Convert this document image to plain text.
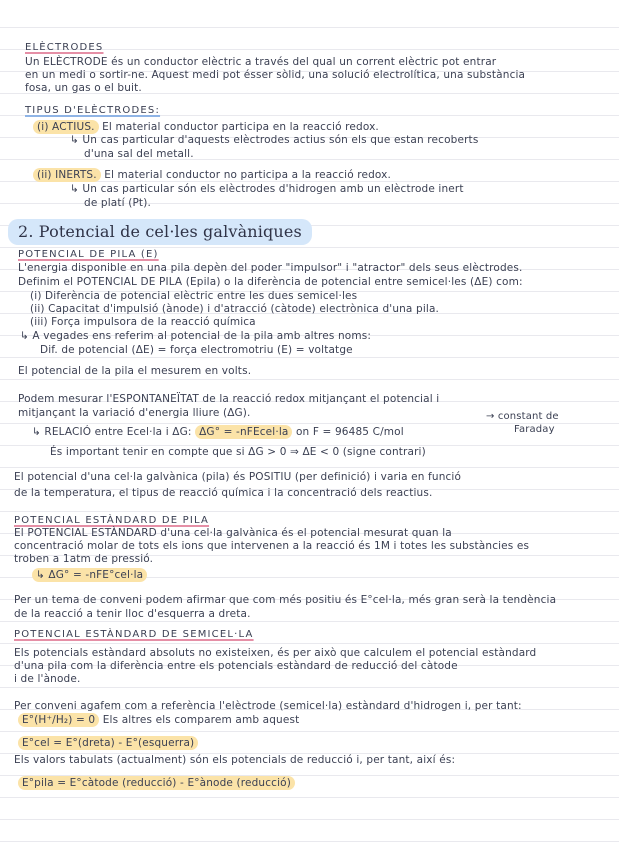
ELÈCTRODES
Un ELÈCTRODE és un conductor elèctric a través del qual un corrent elèctric pot entrar
en un medi o sortir-ne. Aquest medi pot ésser sòlid, una solució electrolítica, una substància
fosa, un gas o el buit.
TIPUS D'ELÈCTRODES:
(i) ACTIUS. El material conductor participa en la reacció redox.
↳ Un cas particular d'aquests elèctrodes actius són els que estan recoberts
d'una sal del metall.
(ii) INERTS. El material conductor no participa a la reacció redox.
↳ Un cas particular són els elèctrodes d'hidrogen amb un elèctrode inert
de platí (Pt).
2. Potencial de cel·les galvàniques
POTENCIAL DE PILA (E)
L'energia disponible en una pila depèn del poder "impulsor" i "atractor" dels seus elèctrodes.
Definim el POTENCIAL DE PILA (Epila) o la diferència de potencial entre semicel·les (ΔE) com:
(i) Diferència de potencial elèctric entre les dues semicel·les
(ii) Capacitat d'impulsió (ànode) i d'atracció (càtode) electrònica d'una pila.
(iii) Força impulsora de la reacció química
↳ A vegades ens referim al potencial de la pila amb altres noms:
Dif. de potencial (ΔE) = força electromotriu (E) = voltatge
El potencial de la pila el mesurem en volts.
Podem mesurar l'ESPONTANEÏTAT de la reacció redox mitjançant el potencial i
mitjançant la variació d'energia lliure (ΔG).	→ constant de
Faraday
↳ RELACIÓ entre Ecel·la i ΔG: ΔG° = -nFEcel·la on F = 96485 C/mol
És important tenir en compte que si ΔG > 0 ⇒ ΔE < 0 (signe contrari)
El potencial d'una cel·la galvànica (pila) és POSITIU (per definició) i varia en funció
de la temperatura, el tipus de reacció química i la concentració dels reactius.
POTENCIAL ESTÀNDARD DE PILA
El POTENCIAL ESTÀNDARD d'una cel·la galvànica és el potencial mesurat quan la
concentració molar de tots els ions que intervenen a la reacció és 1M i totes les substàncies es
troben a 1atm de pressió.
↳ ΔG° = -nFE°cel·la
Per un tema de conveni podem afirmar que com més positiu és E°cel·la, més gran serà la tendència
de la reacció a tenir lloc d'esquerra a dreta.
POTENCIAL ESTÀNDARD DE SEMICEL·LA
Els potencials estàndard absoluts no existeixen, és per això que calculem el potencial estàndard
d'una pila com la diferència entre els potencials estàndard de reducció del càtode
i de l'ànode.
Per conveni agafem com a referència l'elèctrode (semicel·la) estàndard d'hidrogen i, per tant:
E°(H⁺/H₂) = 0 Els altres els comparem amb aquest
E°cel = E°(dreta) - E°(esquerra)
Els valors tabulats (actualment) són els potencials de reducció i, per tant, així és:
E°pila = E°càtode (reducció) - E°ànode (reducció)
